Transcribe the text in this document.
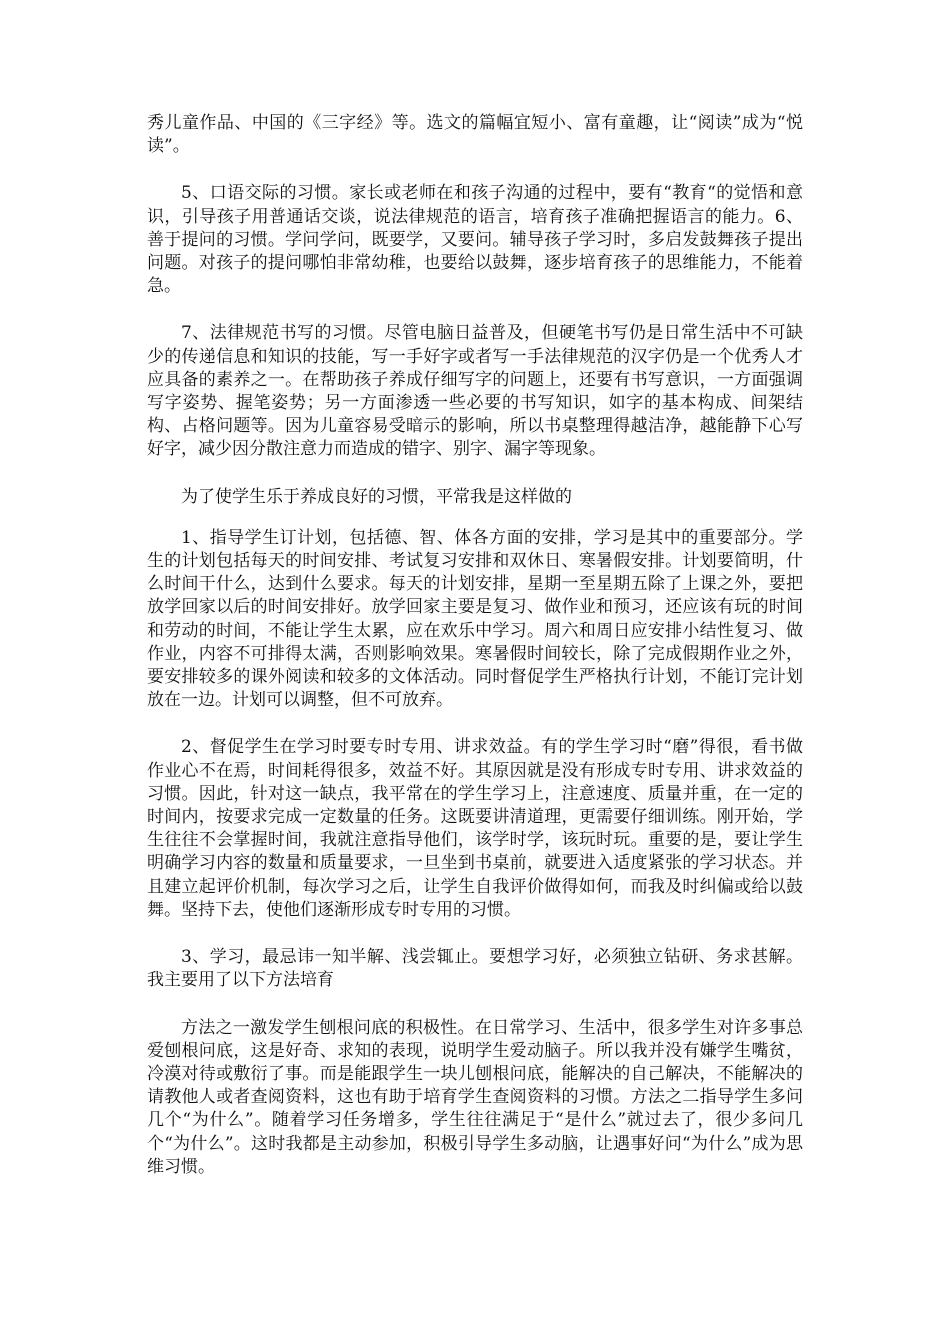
秀儿童作品、中国的《三字经》等。选文的篇幅宜短小、富有童趣，让“阅读”成为“悦读”。

5、口语交际的习惯。家长或老师在和孩子沟通的过程中，要有“教育“的觉悟和意识，引导孩子用普通话交谈，说法律规范的语言，培育孩子准确把握语言的能力。6、善于提问的习惯。学问学问，既要学，又要问。辅导孩子学习时，多启发鼓舞孩子提出问题。对孩子的提问哪怕非常幼稚，也要给以鼓舞，逐步培育孩子的思维能力，不能着急。

7、法律规范书写的习惯。尽管电脑日益普及，但硬笔书写仍是日常生活中不可缺少的传递信息和知识的技能，写一手好字或者写一手法律规范的汉字仍是一个优秀人才应具备的素养之一。在帮助孩子养成仔细写字的问题上，还要有书写意识，一方面强调写字姿势、握笔姿势；另一方面渗透一些必要的书写知识，如字的基本构成、间架结构、占格问题等。因为儿童容易受暗示的影响，所以书桌整理得越洁净，越能静下心写好字，减少因分散注意力而造成的错字、别字、漏字等现象。

为了使学生乐于养成良好的习惯，平常我是这样做的

1、指导学生订计划，包括德、智、体各方面的安排，学习是其中的重要部分。学生的计划包括每天的时间安排、考试复习安排和双休日、寒暑假安排。计划要简明，什么时间干什么，达到什么要求。每天的计划安排，星期一至星期五除了上课之外，要把放学回家以后的时间安排好。放学回家主要是复习、做作业和预习，还应该有玩的时间和劳动的时间，不能让学生太累，应在欢乐中学习。周六和周日应安排小结性复习、做作业，内容不可排得太满，否则影响效果。寒暑假时间较长，除了完成假期作业之外，要安排较多的课外阅读和较多的文体活动。同时督促学生严格执行计划，不能订完计划放在一边。计划可以调整，但不可放弃。

2、督促学生在学习时要专时专用、讲求效益。有的学生学习时“磨”得很，看书做作业心不在焉，时间耗得很多，效益不好。其原因就是没有形成专时专用、讲求效益的习惯。因此，针对这一缺点，我平常在的学生学习上，注意速度、质量并重，在一定的时间内，按要求完成一定数量的任务。这既要讲清道理，更需要仔细训练。刚开始，学生往往不会掌握时间，我就注意指导他们，该学时学，该玩时玩。重要的是，要让学生明确学习内容的数量和质量要求，一旦坐到书桌前，就要进入适度紧张的学习状态。并且建立起评价机制，每次学习之后，让学生自我评价做得如何，而我及时纠偏或给以鼓舞。坚持下去，使他们逐渐形成专时专用的习惯。

3、学习，最忌讳一知半解、浅尝辄止。要想学习好，必须独立钻研、务求甚解。我主要用了以下方法培育

方法之一激发学生刨根问底的积极性。在日常学习、生活中，很多学生对许多事总爱刨根问底，这是好奇、求知的表现，说明学生爱动脑子。所以我并没有嫌学生嘴贫，冷漠对待或敷衍了事。而是能跟学生一块儿刨根问底，能解决的自己解决，不能解决的请教他人或者查阅资料，这也有助于培育学生查阅资料的习惯。方法之二指导学生多问几个“为什么”。随着学习任务增多，学生往往满足于“是什么”就过去了，很少多问几个“为什么”。这时我都是主动参加，积极引导学生多动脑，让遇事好问“为什么”成为思维习惯。
